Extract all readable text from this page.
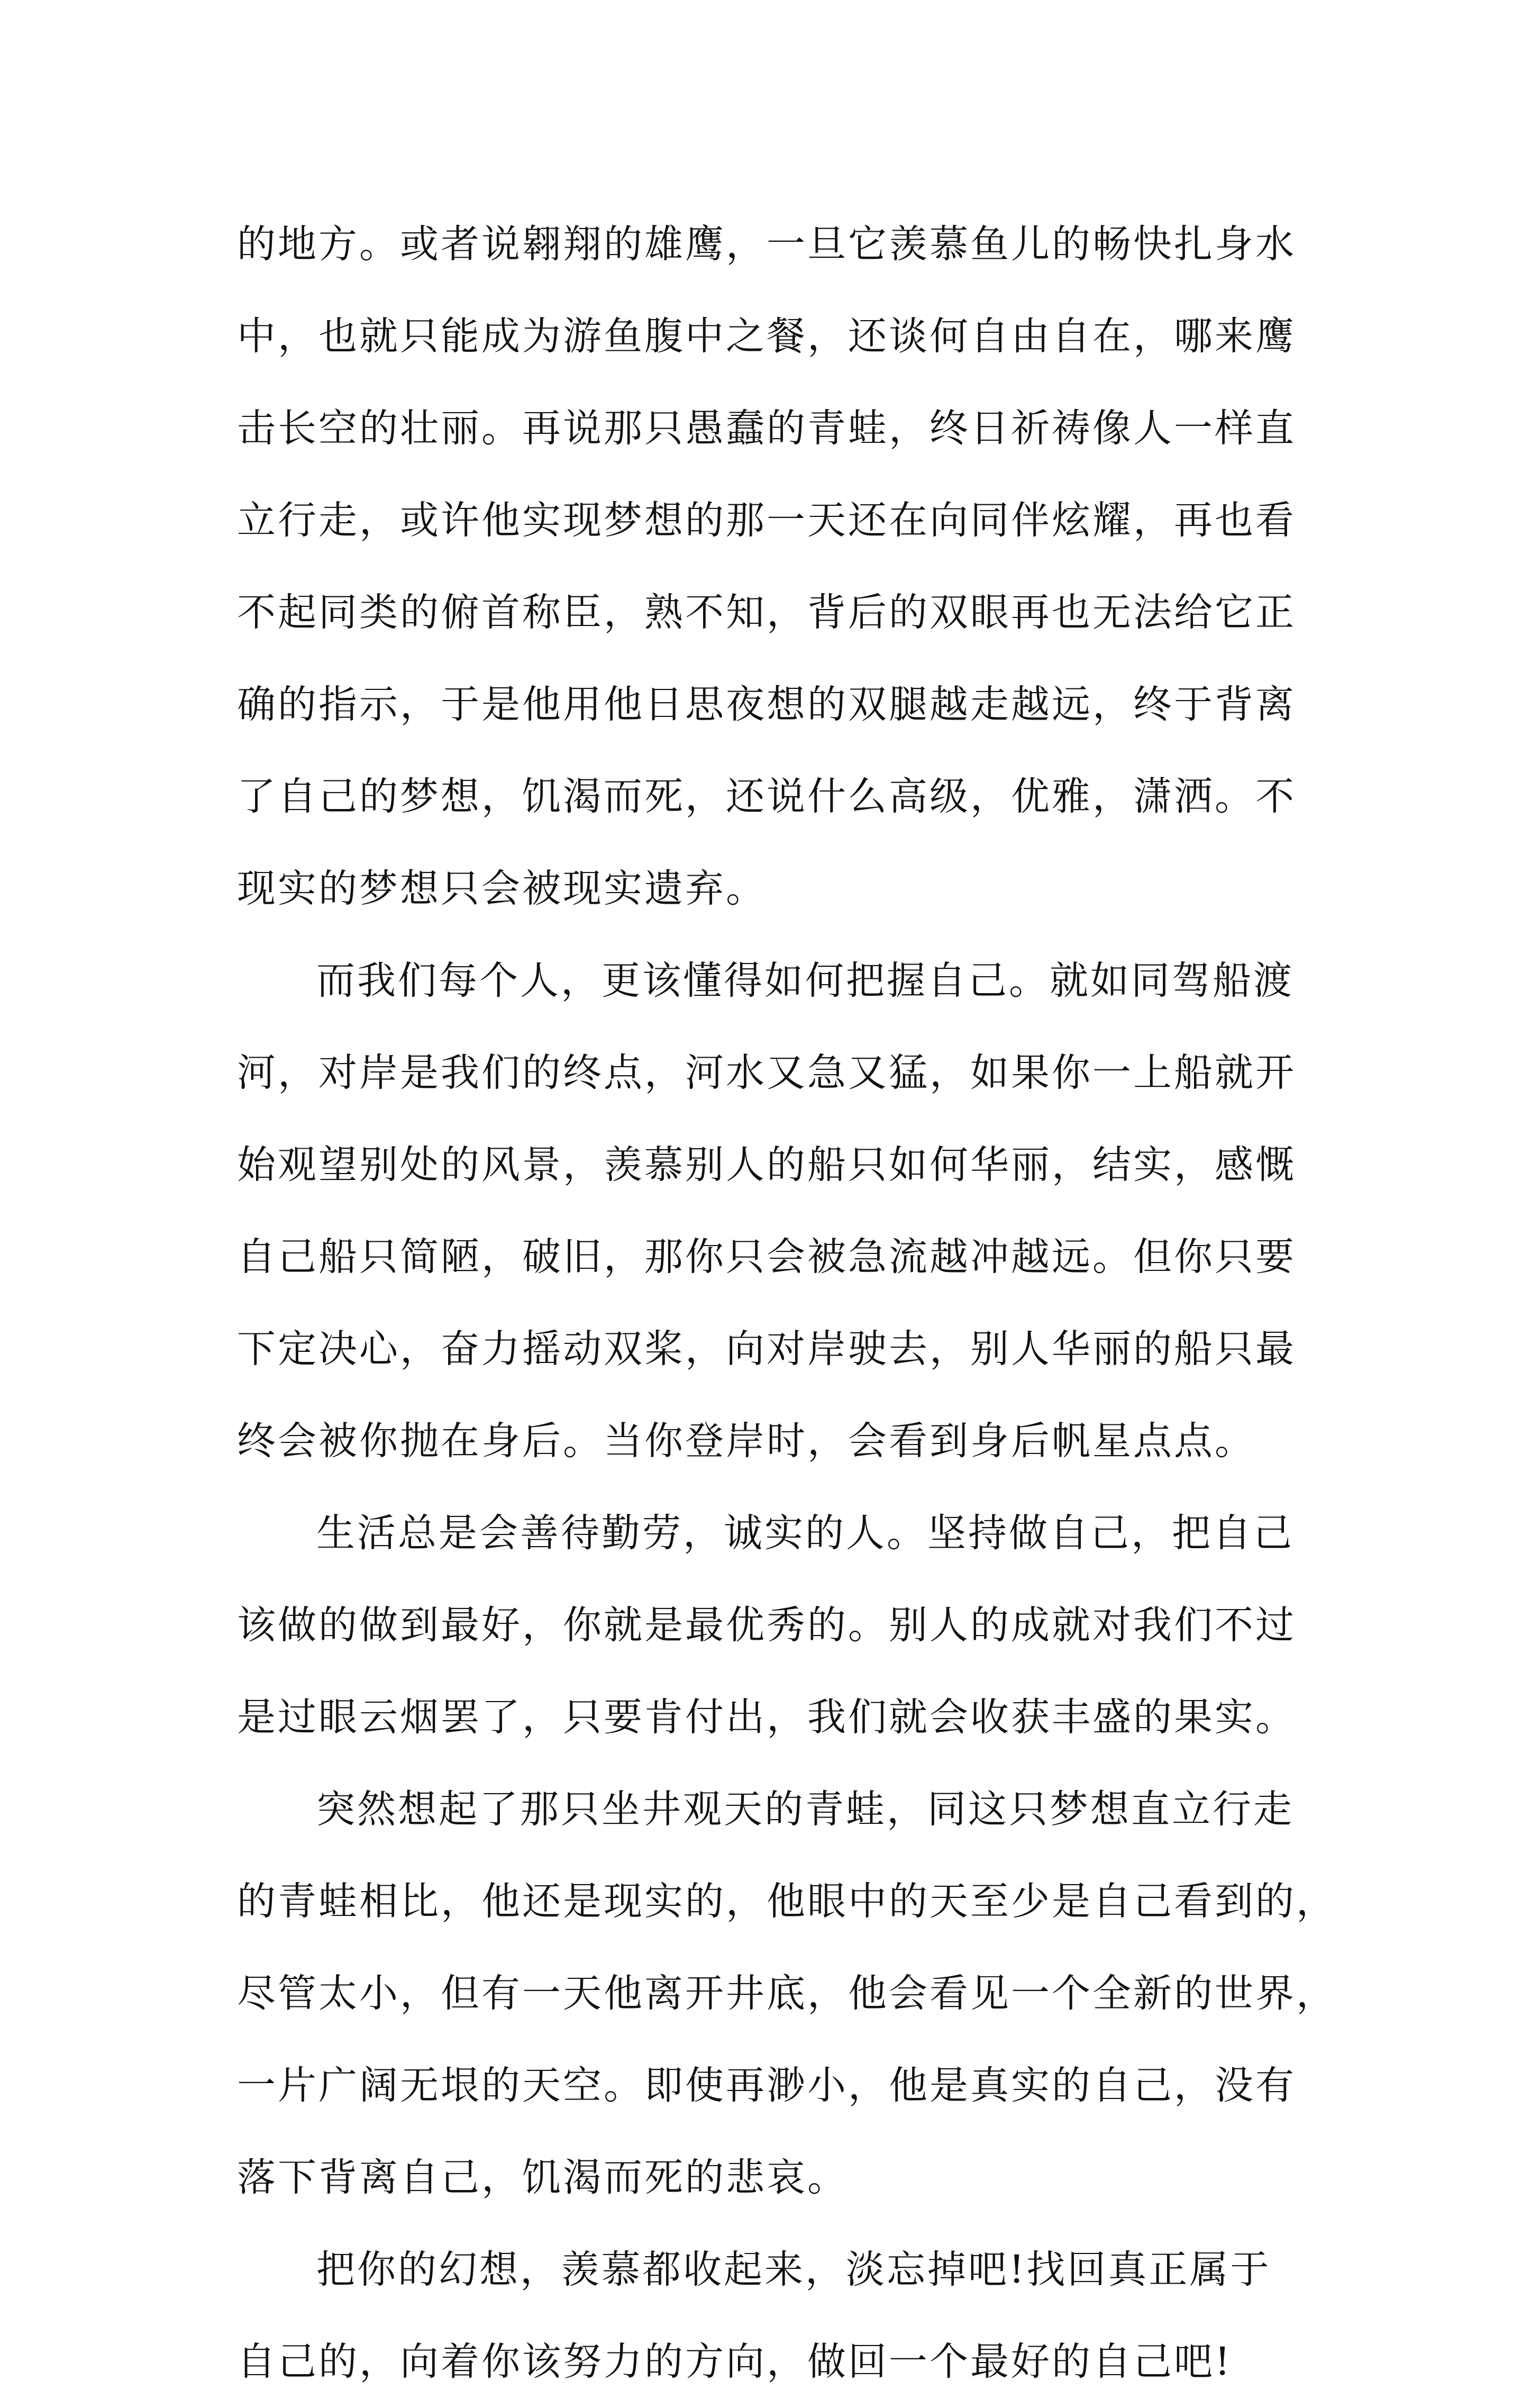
的地方。或者说翱翔的雄鹰，一旦它羡慕鱼儿的畅快扎身水
中，也就只能成为游鱼腹中之餐，还谈何自由自在，哪来鹰
击长空的壮丽。再说那只愚蠢的青蛙，终日祈祷像人一样直
立行走，或许他实现梦想的那一天还在向同伴炫耀，再也看
不起同类的俯首称臣，熟不知，背后的双眼再也无法给它正
确的指示，于是他用他日思夜想的双腿越走越远，终于背离
了自己的梦想，饥渴而死，还说什么高级，优雅，潇洒。不
现实的梦想只会被现实遗弃。
而我们每个人，更该懂得如何把握自己。就如同驾船渡
河，对岸是我们的终点，河水又急又猛，如果你一上船就开
始观望别处的风景，羡慕别人的船只如何华丽，结实，感慨
自己船只简陋，破旧，那你只会被急流越冲越远。但你只要
下定决心，奋力摇动双桨，向对岸驶去，别人华丽的船只最
终会被你抛在身后。当你登岸时，会看到身后帆星点点。
生活总是会善待勤劳，诚实的人。坚持做自己，把自己
该做的做到最好，你就是最优秀的。别人的成就对我们不过
是过眼云烟罢了，只要肯付出，我们就会收获丰盛的果实。
突然想起了那只坐井观天的青蛙，同这只梦想直立行走
的青蛙相比，他还是现实的，他眼中的天至少是自己看到的，
尽管太小，但有一天他离开井底，他会看见一个全新的世界，
一片广阔无垠的天空。即使再渺小，他是真实的自己，没有
落下背离自己，饥渴而死的悲哀。
把你的幻想，羡慕都收起来，淡忘掉吧!找回真正属于
自己的，向着你该努力的方向，做回一个最好的自己吧!
